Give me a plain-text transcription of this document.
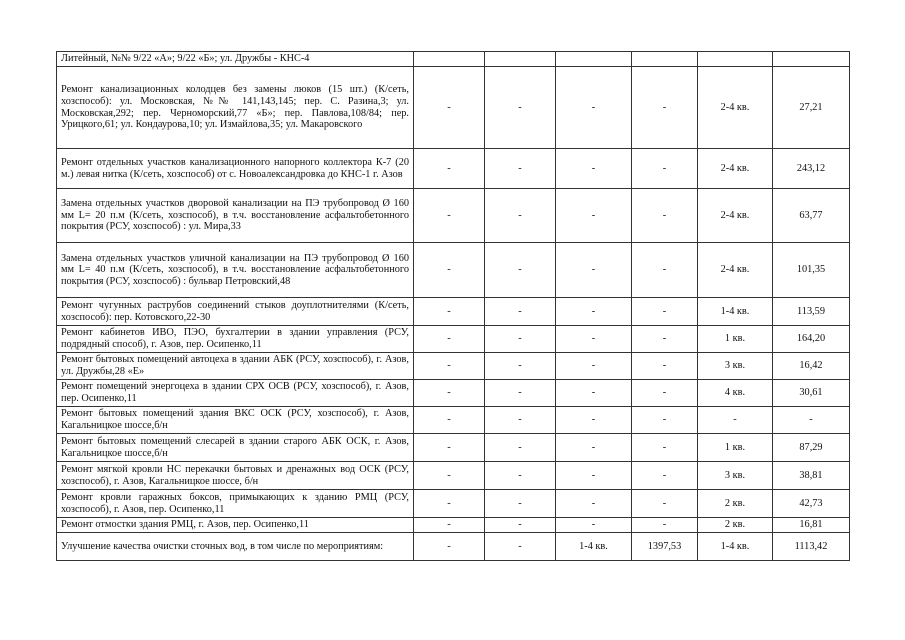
Литейный, №№ 9/22 «А»; 9/22 «Б»; ул. Дружбы - КНС-4						
Ремонт канализационных колодцев без замены люков (15 шт.) (К/сеть, хозспособ): ул. Московская, №№ 141,143,145; пер. С. Разина,3; ул. Московская,292; пер. Черноморский,77 «Б»; пер. Павлова,108/84; пер. Урицкого,61; ул. Кондаурова,10; ул. Измайлова,35; ул. Макаровского	-	-	-	-	2-4 кв.	27,21
Ремонт отдельных участков канализационного напорного коллектора К-7 (20 м.) левая нитка (К/сеть, хозспособ) от с. Новоалександровка до КНС-1 г. Азов	-	-	-	-	2-4 кв.	243,12
Замена отдельных участков дворовой канализации на ПЭ трубопровод Ø 160 мм L= 20 п.м (К/сеть, хозспособ), в т.ч. восстановление асфальтобетонного покрытия (РСУ, хозспособ) : ул. Мира,33	-	-	-	-	2-4 кв.	63,77
Замена отдельных участков уличной канализации на ПЭ трубопровод Ø 160 мм L= 40 п.м (К/сеть, хозспособ), в т.ч. восстановление асфальтобетонного покрытия (РСУ, хозспособ) : бульвар Петровский,48	-	-	-	-	2-4 кв.	101,35
Ремонт чугунных раструбов соединений стыков доуплотнителями (К/сеть, хозспособ): пер. Котовского,22-30	-	-	-	-	1-4 кв.	113,59
Ремонт кабинетов ИВО, ПЭО, бухгалтерии в здании управления (РСУ, подрядный способ), г. Азов, пер. Осипенко,11	-	-	-	-	1 кв.	164,20
Ремонт бытовых помещений автоцеха в здании АБК (РСУ, хозспособ), г. Азов, ул. Дружбы,28 «Е»	-	-	-	-	3 кв.	16,42
Ремонт помещений энергоцеха в здании СРХ ОСВ (РСУ, хозспособ), г. Азов, пер. Осипенко,11	-	-	-	-	4 кв.	30,61
Ремонт бытовых помещений здания ВКС ОСК (РСУ, хозспособ), г. Азов, Кагальницкое шоссе,б/н	-	-	-	-	-	-
Ремонт бытовых помещений слесарей в здании старого АБК ОСК, г. Азов, Кагальницкое шоссе,б/н	-	-	-	-	1 кв.	87,29
Ремонт мягкой кровли НС перекачки бытовых и дренажных вод ОСК (РСУ, хозспособ), г. Азов, Кагальницкое шоссе, б/н	-	-	-	-	3 кв.	38,81
Ремонт кровли гаражных боксов, примыкающих к зданию РМЦ (РСУ, хозспособ), г. Азов, пер. Осипенко,11	-	-	-	-	2 кв.	42,73
Ремонт отмостки здания РМЦ, г. Азов, пер. Осипенко,11	-	-	-	-	2 кв.	16,81
Улучшение качества очистки сточных вод, в том числе по мероприятиям:	-	-	1-4 кв.	1397,53	1-4 кв.	1113,42
